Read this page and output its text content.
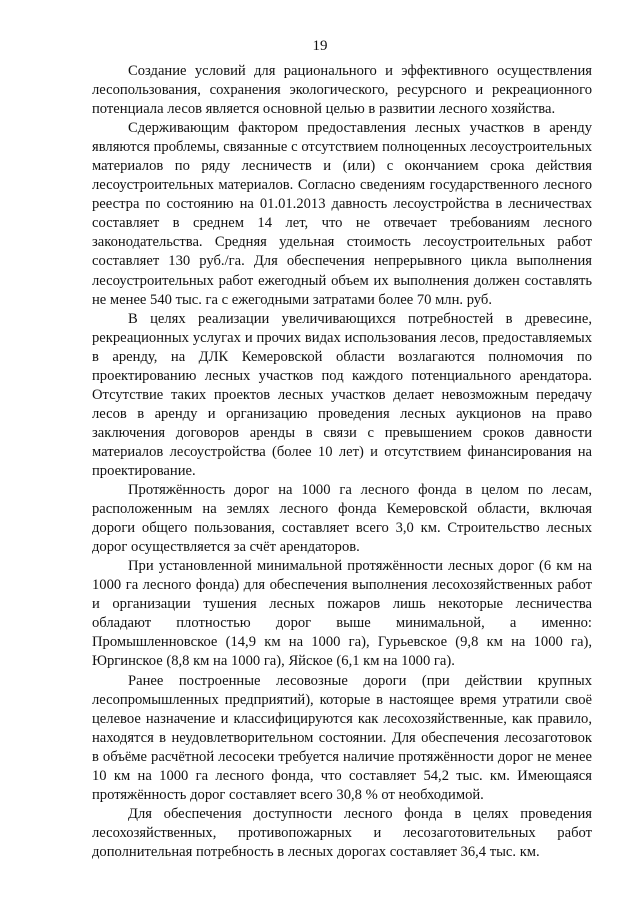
19

Создание условий для рационального и эффективного осуществления лесопользования, сохранения экологического, ресурсного и рекреационного потенциала лесов является основной целью в развитии лесного хозяйства.

Сдерживающим фактором предоставления лесных участков в аренду являются проблемы, связанные с отсутствием полноценных лесоустроительных материалов по ряду лесничеств и (или) с окончанием срока действия лесоустроительных материалов. Согласно сведениям государственного лесного реестра по состоянию на 01.01.2013 давность лесоустройства в лесничествах составляет в среднем 14 лет, что не отвечает требованиям лесного законодательства. Средняя удельная стоимость лесоустроительных работ составляет 130 руб./га. Для обеспечения непрерывного цикла выполнения лесоустроительных работ ежегодный объем их выполнения должен составлять не менее 540 тыс. га с ежегодными затратами более 70 млн. руб.

В целях реализации увеличивающихся потребностей в древесине, рекреационных услугах и прочих видах использования лесов, предоставляемых в аренду, на ДЛК Кемеровской области возлагаются полномочия по проектированию лесных участков под каждого потенциального арендатора. Отсутствие таких проектов лесных участков делает невозможным передачу лесов в аренду и организацию проведения лесных аукционов на право заключения договоров аренды в связи с превышением сроков давности материалов лесоустройства (более 10 лет) и отсутствием финансирования на проектирование.

Протяжённость дорог на 1000 га лесного фонда в целом по лесам, расположенным на землях лесного фонда Кемеровской области, включая дороги общего пользования, составляет всего 3,0 км. Строительство лесных дорог осуществляется за счёт арендаторов.

При установленной минимальной протяжённости лесных дорог (6 км на 1000 га лесного фонда) для обеспечения выполнения лесохозяйственных работ и организации тушения лесных пожаров лишь некоторые лесничества обладают плотностью дорог выше минимальной, а именно: Промышленновское (14,9 км на 1000 га), Гурьевское (9,8 км на 1000 га), Юргинское (8,8 км на 1000 га), Яйское (6,1 км на 1000 га).

Ранее построенные лесовозные дороги (при действии крупных лесопромышленных предприятий), которые в настоящее время утратили своё целевое назначение и классифицируются как лесохозяйственные, как правило, находятся в неудовлетворительном состоянии. Для обеспечения лесозаготовок в объёме расчётной лесосеки требуется наличие протяжённости дорог не менее 10 км на 1000 га лесного фонда, что составляет 54,2 тыс. км. Имеющаяся протяжённость дорог составляет всего 30,8 % от необходимой.

Для обеспечения доступности лесного фонда в целях проведения лесохозяйственных, противопожарных и лесозаготовительных работ дополнительная потребность в лесных дорогах составляет 36,4 тыс. км.
